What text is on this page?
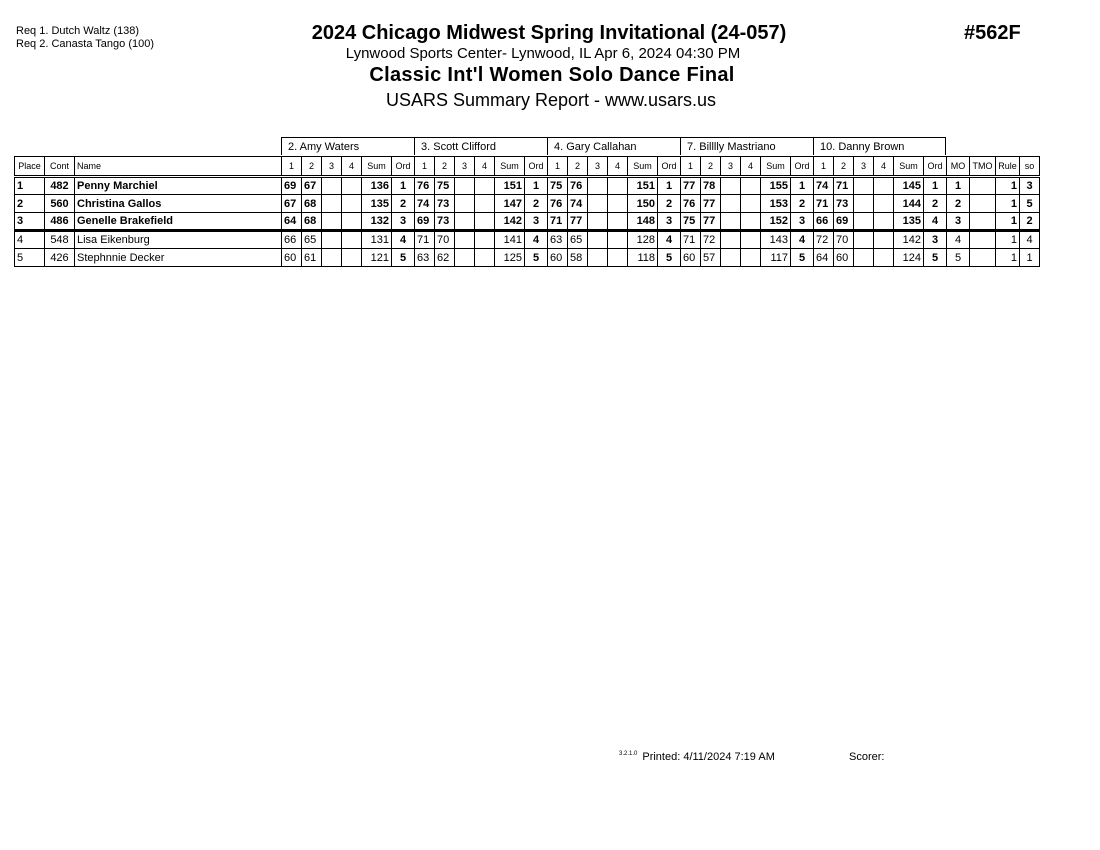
Req 1. Dutch Waltz (138)
Req 2. Canasta Tango (100)	2024 Chicago Midwest Spring Invitational (24-057)
Lynwood Sports Center- Lynwood, IL Apr 6, 2024 04:30 PM
Classic Int'l Women Solo Dance Final
USARS Summary Report - www.usars.us
#562F
2. Amy Waters	3. Scott Clifford	4. Gary Callahan	7. Billlly Mastriano	10. Danny Brown
Place	Cont	Name	1	2	3	4	Sum	Ord	1	2	3	4	Sum	Ord	1	2	3	4	Sum	Ord	1	2	3	4	Sum	Ord	1	2	3	4	Sum	Ord	MO	TMO	Rule	so
1	482	Penny Marchiel	69	67			136	1	76	75			151	1	75	76			151	1	77	78			155	1	74	71			145	1	1		1	3
2	560	Christina Gallos	67	68			135	2	74	73			147	2	76	74			150	2	76	77			153	2	71	73			144	2	2		1	5
3	486	Genelle Brakefield	64	68			132	3	69	73			142	3	71	77			148	3	75	77			152	3	66	69			135	4	3		1	2
4	548	Lisa Eikenburg	66	65			131	4	71	70			141	4	63	65			128	4	71	72			143	4	72	70			142	3	4		1	4
5	426	Stephnnie Decker	60	61			121	5	63	62			125	5	60	58			118	5	60	57			117	5	64	60			124	5	5		1	1
$^{3.2.1.0}$ Printed: 4/11/2024 7:19 AM	Scorer:
